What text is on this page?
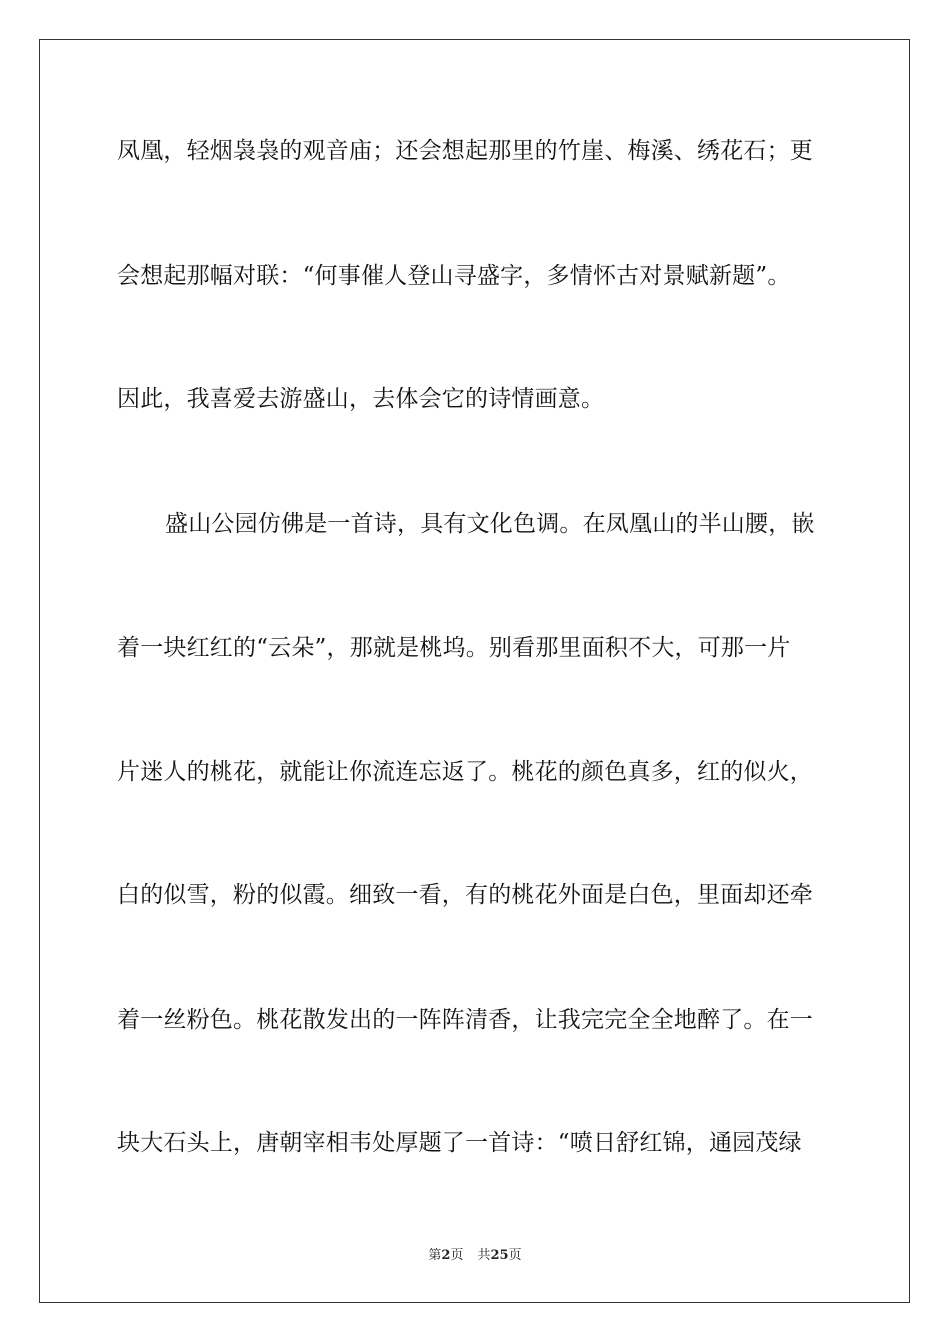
凤凰，轻烟袅袅的观音庙；还会想起那里的竹崖、梅溪、绣花石；更
会想起那幅对联：“何事催人登山寻盛字，多情怀古对景赋新题”。
因此，我喜爱去游盛山，去体会它的诗情画意。
盛山公园仿佛是一首诗，具有文化色调。在凤凰山的半山腰，嵌
着一块红红的“云朵”，那就是桃坞。别看那里面积不大，可那一片
片迷人的桃花，就能让你流连忘返了。桃花的颜色真多，红的似火，
白的似雪，粉的似霞。细致一看，有的桃花外面是白色，里面却还牵
着一丝粉色。桃花散发出的一阵阵清香，让我完完全全地醉了。在一
块大石头上，唐朝宰相韦处厚题了一首诗：“喷日舒红锦，通园茂绿
第2页 共25页
